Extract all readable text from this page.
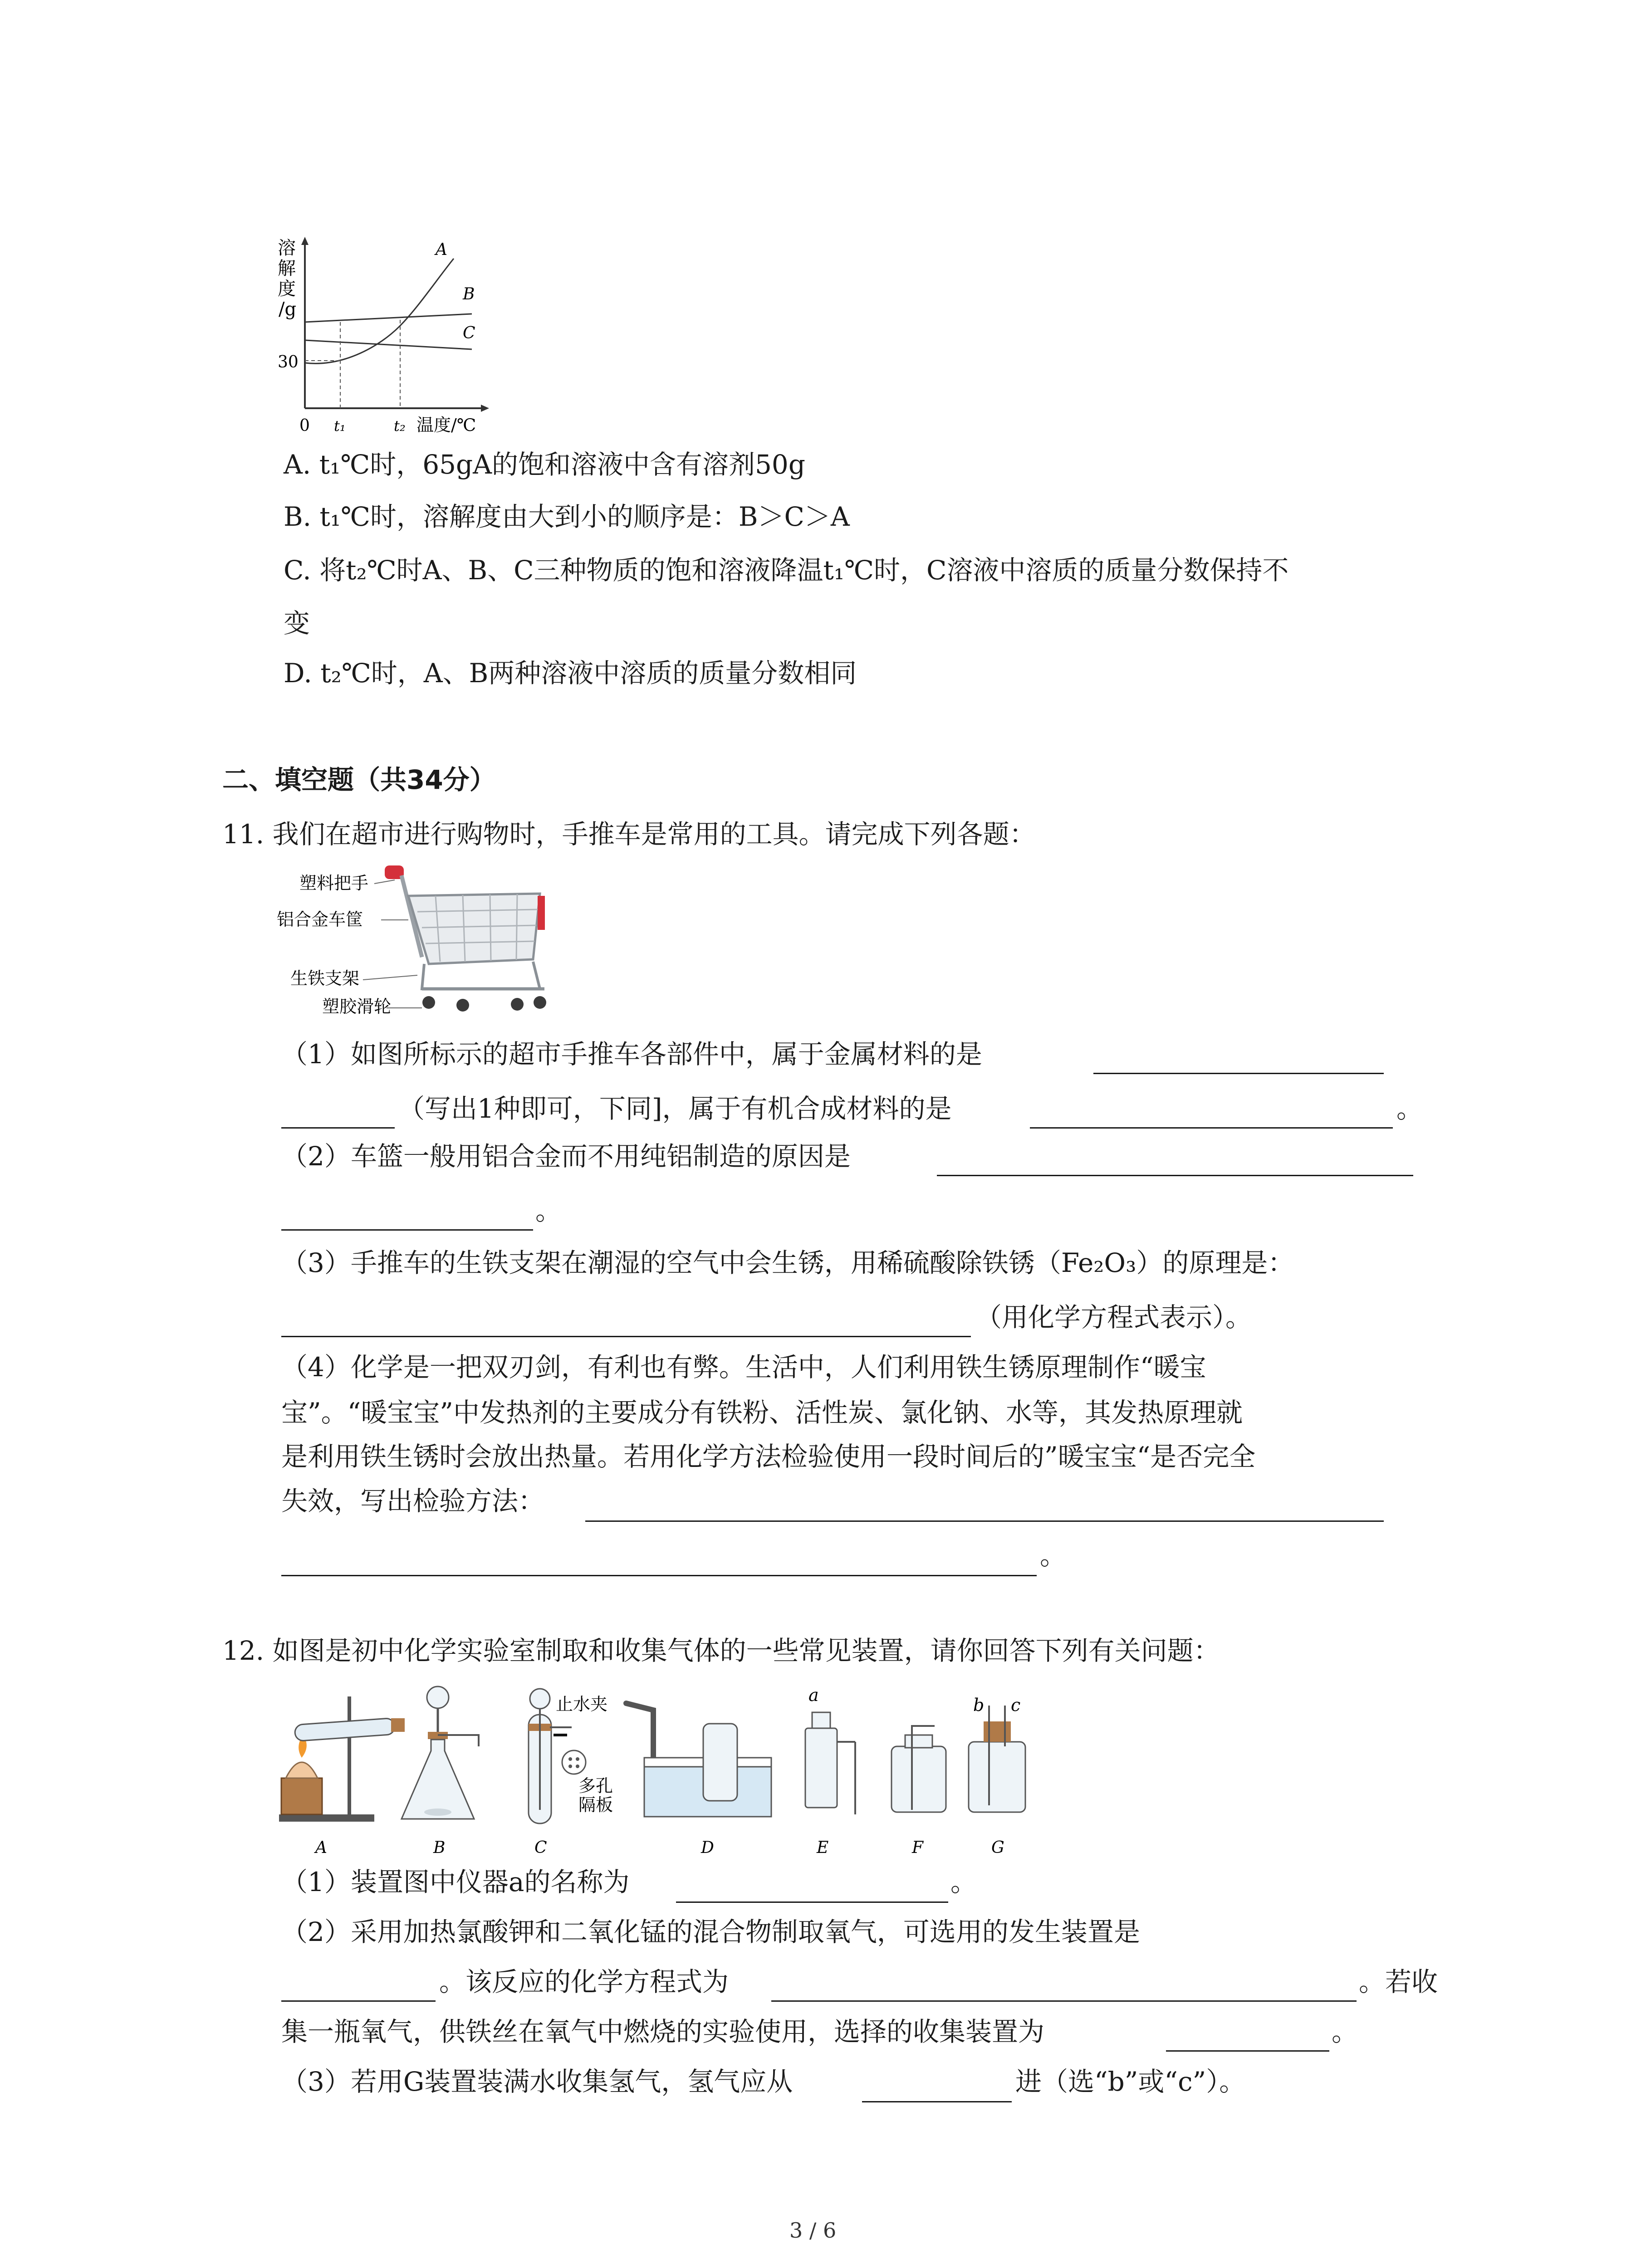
溶
解
度
/g
30
0 t₁	t₂ 温度/℃
A
B
C
A. t₁℃时，65gA的饱和溶液中含有溶剂50g
B. t₁℃时，溶解度由大到小的顺序是：B＞C＞A
C. 将t₂℃时A、B、C三种物质的饱和溶液降温t₁℃时，C溶液中溶质的质量分数保持不
变
D. t₂℃时，A、B两种溶液中溶质的质量分数相同
二、填空题（共34分）
11. 我们在超市进行购物时，手推车是常用的工具。请完成下列各题：
塑料把手
铝合金车筐
生铁支架
塑胶滑轮
（1）如图所标示的超市手推车各部件中，属于金属材料的是
（写出1种即可，下同]，属于有机合成材料的是	。
（2）车篮一般用铝合金而不用纯铝制造的原因是
。
（3）手推车的生铁支架在潮湿的空气中会生锈，用稀硫酸除铁锈（Fe₂O₃）的原理是：
（用化学方程式表示）。
（4）化学是一把双刃剑，有利也有弊。生活中，人们利用铁生锈原理制作“暖宝
宝”。“暖宝宝”中发热剂的主要成分有铁粉、活性炭、氯化钠、水等，其发热原理就
是利用铁生锈时会放出热量。若用化学方法检验使用一段时间后的”暖宝宝“是否完全
失效，写出检验方法：
。
12. 如图是初中化学实验室制取和收集气体的一些常见装置，请你回答下列有关问题：
止水夹
多孔
隔板
a	b c
A	B	C	D	E	F	G
（1）装置图中仪器a的名称为	。
（2）采用加热氯酸钾和二氧化锰的混合物制取氧气，可选用的发生装置是
。该反应的化学方程式为	。若收
集一瓶氧气，供铁丝在氧气中燃烧的实验使用，选择的收集装置为	。
（3）若用G装置装满水收集氢气，氢气应从	进（选“b”或“c”）。
3 / 6
